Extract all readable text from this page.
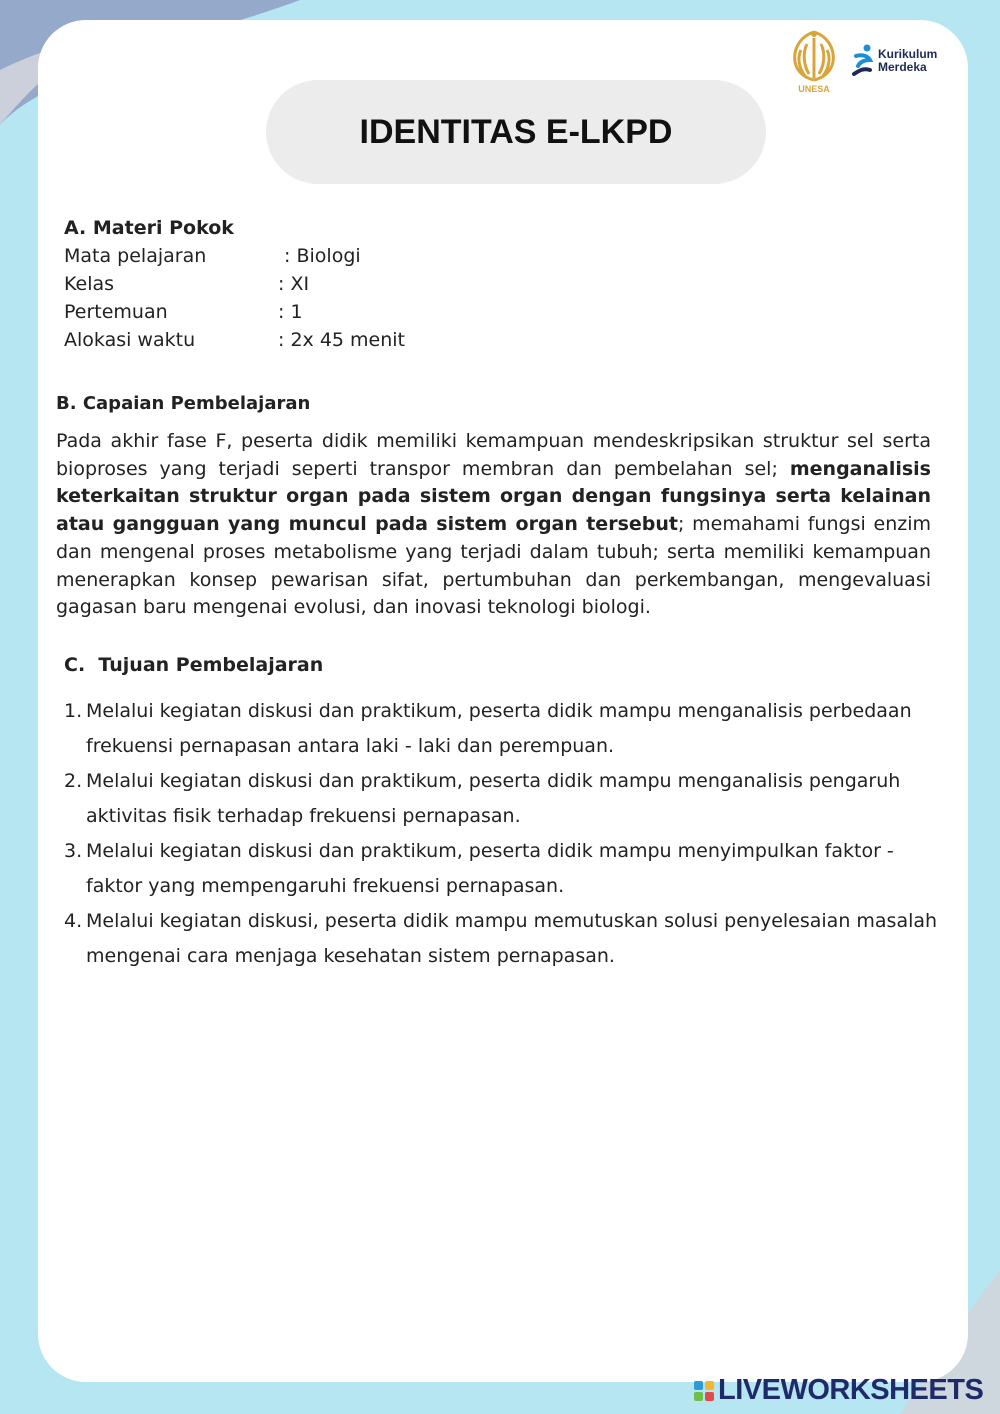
UNESA
Kurikulum
Merdeka
IDENTITAS E-LKPD
A. Materi Pokok
Mata pelajaran	: Biologi
Kelas	: XI
Pertemuan	: 1
Alokasi waktu	: 2x 45 menit
B. Capaian Pembelajaran
Pada akhir fase F, peserta didik memiliki kemampuan mendeskripsikan struktur sel serta bioproses yang terjadi seperti transpor membran dan pembelahan sel; menganalisis keterkaitan struktur organ pada sistem organ dengan fungsinya serta kelainan atau gangguan yang muncul pada sistem organ tersebut; memahami fungsi enzim dan mengenal proses metabolisme yang terjadi dalam tubuh; serta memiliki kemampuan menerapkan konsep pewarisan sifat, pertumbuhan dan perkembangan, mengevaluasi gagasan baru mengenai evolusi, dan inovasi teknologi biologi.
C.  Tujuan Pembelajaran
1. Melalui kegiatan diskusi dan praktikum, peserta didik mampu menganalisis perbedaan frekuensi pernapasan antara laki - laki dan perempuan.
2. Melalui kegiatan diskusi dan praktikum, peserta didik mampu menganalisis pengaruh aktivitas fisik terhadap frekuensi pernapasan.
3. Melalui kegiatan diskusi dan praktikum, peserta didik mampu menyimpulkan faktor - faktor yang mempengaruhi frekuensi pernapasan.
4. Melalui kegiatan diskusi, peserta didik mampu memutuskan solusi penyelesaian masalah mengenai cara menjaga kesehatan sistem pernapasan.
LIVEWORKSHEETS
